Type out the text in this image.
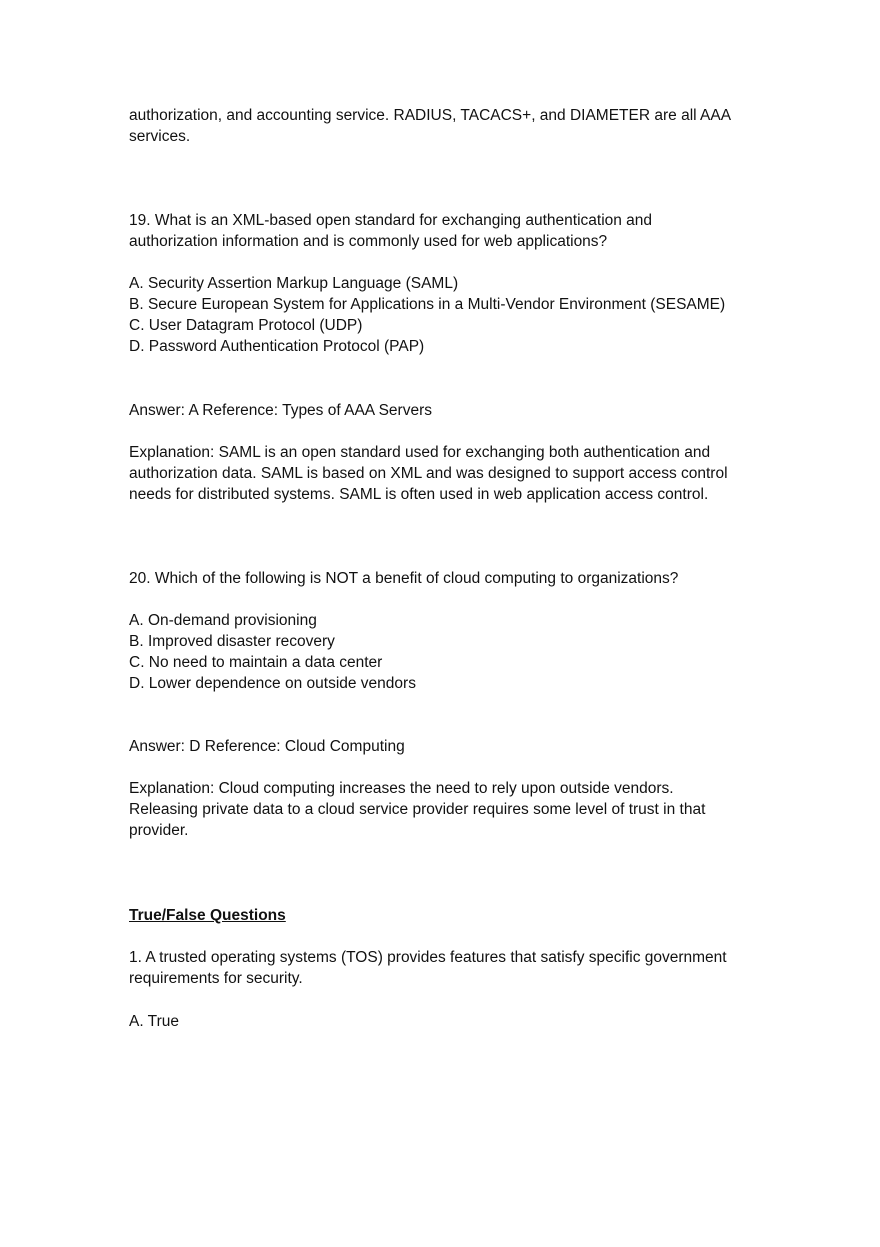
authorization, and accounting service. RADIUS, TACACS+, and DIAMETER are all AAA
services.
19. What is an XML-based open standard for exchanging authentication and
authorization information and is commonly used for web applications?
A. Security Assertion Markup Language (SAML)
B. Secure European System for Applications in a Multi-Vendor Environment (SESAME)
C. User Datagram Protocol (UDP)
D. Password Authentication Protocol (PAP)
Answer: A Reference: Types of AAA Servers
Explanation: SAML is an open standard used for exchanging both authentication and
authorization data. SAML is based on XML and was designed to support access control
needs for distributed systems. SAML is often used in web application access control.
20. Which of the following is NOT a benefit of cloud computing to organizations?
A. On-demand provisioning
B. Improved disaster recovery
C. No need to maintain a data center
D. Lower dependence on outside vendors
Answer: D Reference: Cloud Computing
Explanation: Cloud computing increases the need to rely upon outside vendors.
Releasing private data to a cloud service provider requires some level of trust in that
provider.
True/False Questions
1. A trusted operating systems (TOS) provides features that satisfy specific government
requirements for security.
A. True
